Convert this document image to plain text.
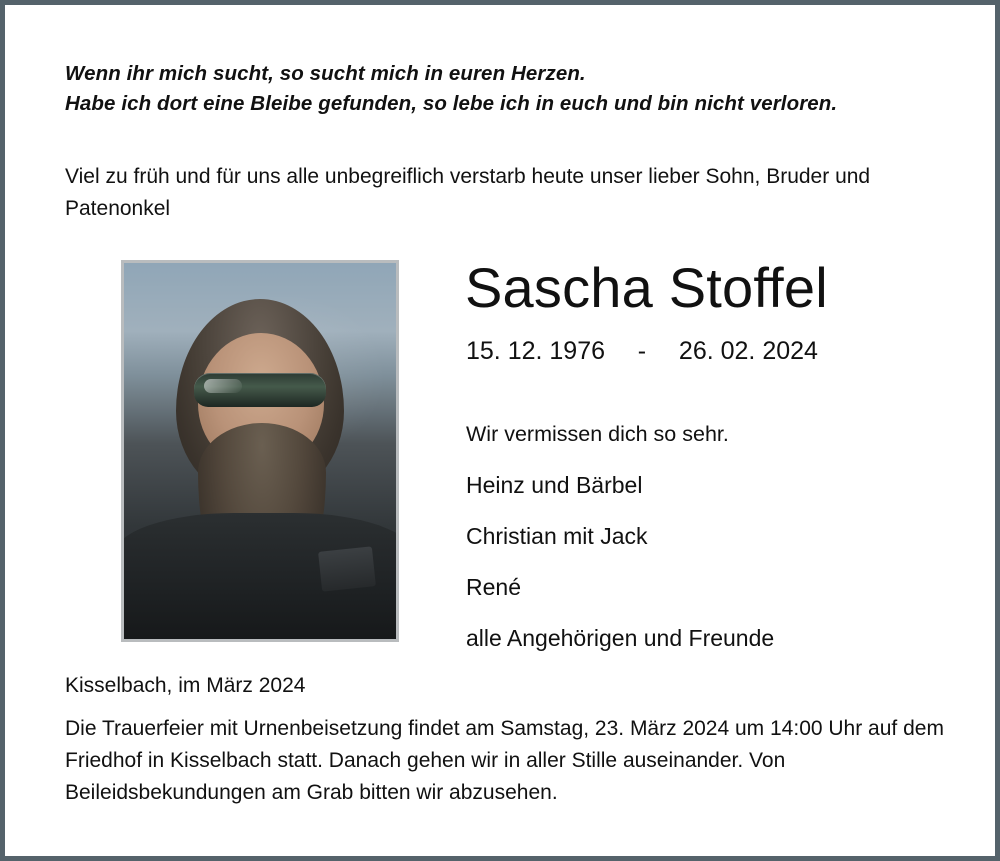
Wenn ihr mich sucht, so sucht mich in euren Herzen.
Habe ich dort eine Bleibe gefunden, so lebe ich in euch und bin nicht verloren.
Viel zu früh und für uns alle unbegreiflich verstarb heute unser lieber Sohn, Bruder und Patenonkel
Sascha Stoffel
15. 12. 1976 - 26. 02. 2024
Wir vermissen dich so sehr.
Heinz und Bärbel
Christian mit Jack
René
alle Angehörigen und Freunde
Kisselbach, im März 2024
Die Trauerfeier mit Urnenbeisetzung findet am Samstag, 23. März 2024 um 14:00 Uhr auf dem Friedhof in Kisselbach statt. Danach gehen wir in aller Stille auseinander. Von Beileidsbekundungen am Grab bitten wir abzusehen.
